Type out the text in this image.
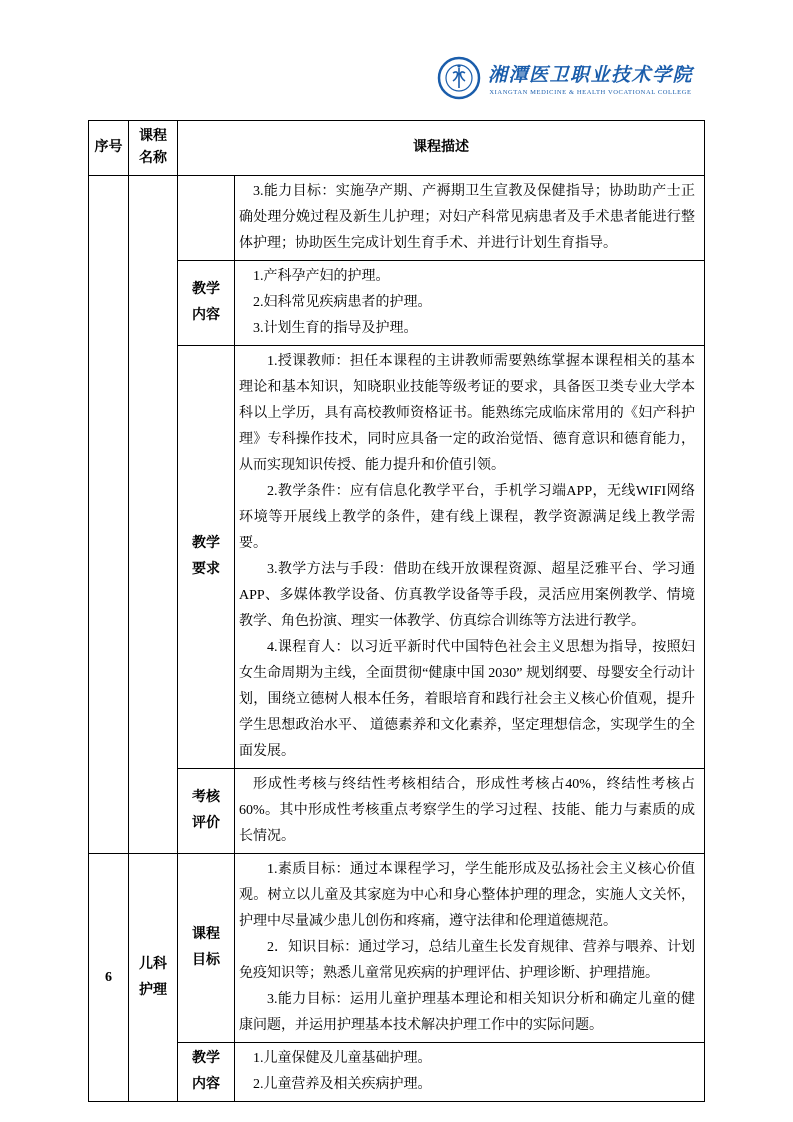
湘潭医卫职业技术学院
XIANGTAN MEDICINE & HEALTH VOCATIONAL COLLEGE
序号	课程名称	课程描述	

			3.能力目标：实施孕产期、产褥期卫生宣教及保健指导；协助助产士正确处理分娩过程及新生儿护理；对妇产科常见病患者及手术患者能进行整体护理；协助医生完成计划生育手术、并进行计划生育指导。

		教学内容	1.产科孕产妇的护理。

2.妇科常见疾病患者的护理。

3.计划生育的指导及护理。

		教学要求	1.授课教师：担任本课程的主讲教师需要熟练掌握本课程相关的基本理论和基本知识，知晓职业技能等级考证的要求，具备医卫类专业大学本科以上学历，具有高校教师资格证书。能熟练完成临床常用的《妇产科护理》专科操作技术，同时应具备一定的政治觉悟、德育意识和德育能力，从而实现知识传授、能力提升和价值引领。

2.教学条件：应有信息化教学平台，手机学习端APP，无线WIFI网络环境等开展线上教学的条件，建有线上课程，教学资源满足线上教学需要。

3.教学方法与手段：借助在线开放课程资源、超星泛雅平台、学习通APP、多媒体教学设备、仿真教学设备等手段，灵活应用案例教学、情境教学、角色扮演、理实一体教学、仿真综合训练等方法进行教学。

4.课程育人：以习近平新时代中国特色社会主义思想为指导，按照妇女生命周期为主线，全面贯彻“健康中国 2030” 规划纲要、母婴安全行动计划，围绕立德树人根本任务，着眼培育和践行社会主义核心价值观，提升学生思想政治水平、 道德素养和文化素养，坚定理想信念，实现学生的全面发展。

		考核评价	形成性考核与终结性考核相结合，形成性考核占40%，终结性考核占60%。其中形成性考核重点考察学生的学习过程、技能、能力与素质的成长情况。

6	儿科护理	课程目标	1.素质目标：通过本课程学习，学生能形成及弘扬社会主义核心价值观。树立以儿童及其家庭为中心和身心整体护理的理念，实施人文关怀，护理中尽量减少患儿创伤和疼痛，遵守法律和伦理道德规范。

2．知识目标：通过学习，总结儿童生长发育规律、营养与喂养、计划免疫知识等；熟悉儿童常见疾病的护理评估、护理诊断、护理措施。

3.能力目标：运用儿童护理基本理论和相关知识分析和确定儿童的健康问题，并运用护理基本技术解决护理工作中的实际问题。

		教学内容	1.儿童保健及儿童基础护理。

2.儿童营养及相关疾病护理。
